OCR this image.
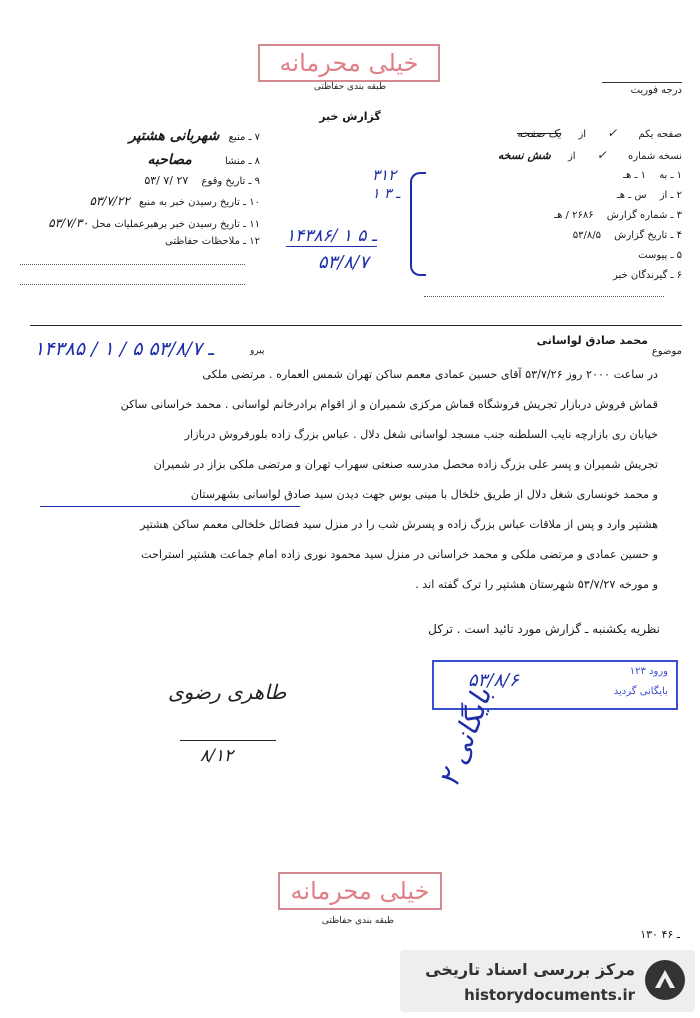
خیلی محرمانه
طبقه بندی حفاظتی	درجه فوریت
گزارش خبر
۷ ـ منبع شهربانی هشتپر
۸ ـ منشا مصاحبه
۹ ـ تاریخ وقوع ۲۷ /۷ /۵۳
۱۰ ـ تاریخ رسیدن خبر به منبع ۵۳/۷/۲۲
۱۱ ـ تاریخ رسیدن خبر برهبرعملیات محل ۵۳/۷/۳۰
۱۲ ـ ملاحظات حفاظتی
۳۱۲
۱ ـ ۳
۱۴۳۸۶/ ۱ ـ ۵
۵۳/۸/۷
صفحه یکم ✓ از یک صفحه
نسخه شماره ✓ از شش نسخه
۱ ـ به ۱ ـ هـ
۲ ـ از س ـ هـ
۳ ـ شماره گزارش ۲۶۸۶ / هـ
۴ ـ تاریخ گزارش ۵۳/۸/۵
۵ ـ پیوست
۶ ـ گیرندگان خبر
موضوع
محمد صادق لواسانی
۱۴۳۸۵ / ۱ / ۵ ـ ۵۳/۸/۷	پیرو
در ساعت ۲۰۰۰ روز ۵۳/۷/۲۶ آقای حسین عمادی معمم ساکن تهران شمس العماره . مرتضی ملکی
قماش فروش دربازار تجریش فروشگاه قماش مرکزی شمیران و از اقوام برادرخانم لواسانی . محمد خراسانی ساکن
خیابان ری بازارچه نایب السلطنه جنب مسجد لواسانی شغل دلال . عباس بزرگ زاده بلورفروش دربازار
تجریش شمیران و پسر علی بزرگ زاده محصل مدرسه صنعتی سهراب تهران و مرتضی ملکی بزاز در شمیران
و محمد خونساری شغل دلال از طریق خلخال با مینی بوس جهت دیدن سید صادق لواسانی بشهرستان
هشتپر وارد و پس از ملاقات عباس بزرگ زاده و پسرش شب را در منزل سید فضائل خلخالی معمم ساکن هشتپر
و حسین عمادی و مرتضی ملکی و محمد خراسانی در منزل سید محمود نوری زاده امام جماعت هشتپر استراحت
و مورخه ۵۳/۷/۲۷ شهرستان هشتپر را ترک گفته اند .
نظریه یکشنبه ـ گزارش مورد تائید است . ترکل
ورود ۱۲۳
بایگانی گردید
۵۳/۸/۶
طاهری رضوی
۸/۱۲
بایگانی ۲
خیلی محرمانه
طبقه بندی حفاظتی
۱۳۰ ـ ۴۶
مرکز بررسی اسناد تاریخی
historydocuments.ir
